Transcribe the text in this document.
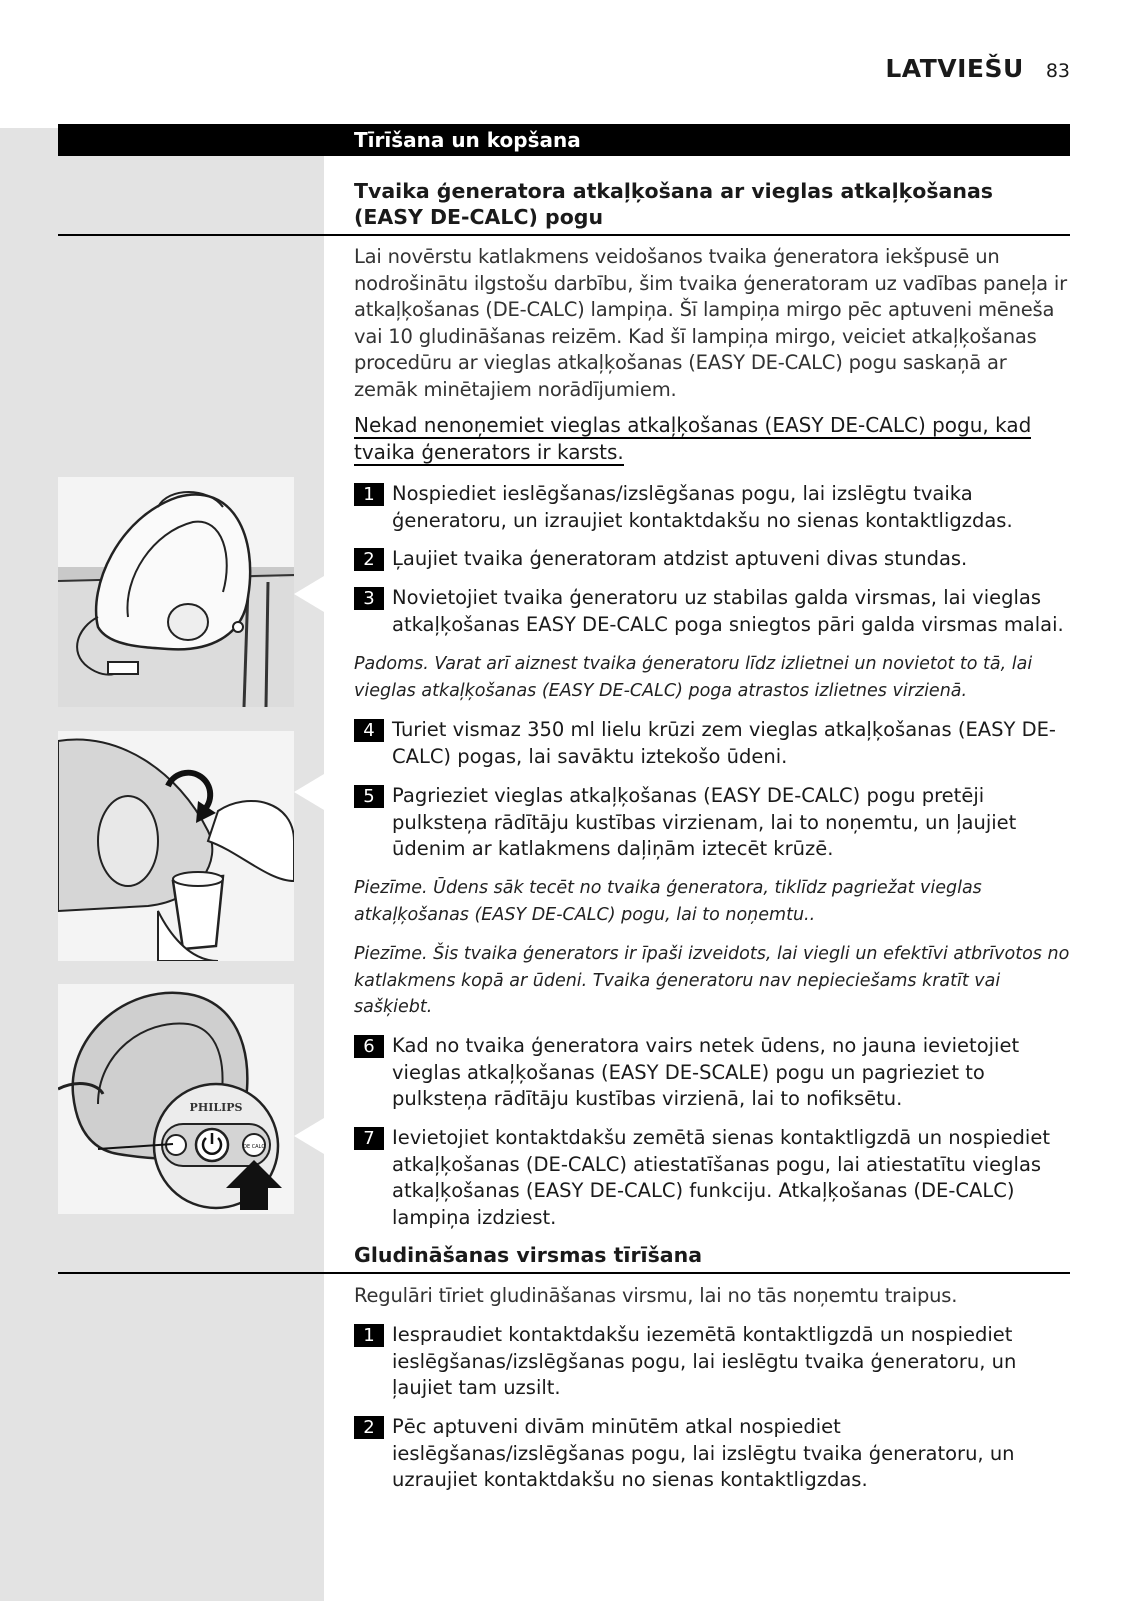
LATVIEŠU 83
Tīrīšana un kopšana
Tvaika ģeneratora atkaļķošana ar vieglas atkaļķošanas (EASY DE-CALC) pogu
Lai novērstu katlakmens veidošanos tvaika ģeneratora iekšpusē un nodrošinātu ilgstošu darbību, šim tvaika ģeneratoram uz vadības paneļa ir atkaļķošanas (DE-CALC) lampiņa. Šī lampiņa mirgo pēc aptuveni mēneša vai 10 gludināšanas reizēm. Kad šī lampiņa mirgo, veiciet atkaļķošanas procedūru ar vieglas atkaļķošanas (EASY DE-CALC) pogu saskaņā ar zemāk minētajiem norādījumiem.
Nekad nenoņemiet vieglas atkaļķošanas (EASY DE-CALC) pogu, kad tvaika ģenerators ir karsts.
PHILIPS
DE CALC
1 Nospiediet ieslēgšanas/izslēgšanas pogu, lai izslēgtu tvaika ģeneratoru, un izraujiet kontaktdakšu no sienas kontaktligzdas.
2 Ļaujiet tvaika ģeneratoram atdzist aptuveni divas stundas.
3 Novietojiet tvaika ģeneratoru uz stabilas galda virsmas, lai vieglas atkaļķošanas EASY DE-CALC poga sniegtos pāri galda virsmas malai.
Padoms. Varat arī aiznest tvaika ģeneratoru līdz izlietnei un novietot to tā, lai vieglas atkaļķošanas (EASY DE-CALC) poga atrastos izlietnes virzienā.
4 Turiet vismaz 350 ml lielu krūzi zem vieglas atkaļķošanas (EASY DE-CALC) pogas, lai savāktu iztekošo ūdeni.
5 Pagrieziet vieglas atkaļķošanas (EASY DE-CALC) pogu pretēji pulksteņa rādītāju kustības virzienam, lai to noņemtu, un ļaujiet ūdenim ar katlakmens daļiņām iztecēt krūzē.
Piezīme. Ūdens sāk tecēt no tvaika ģeneratora, tiklīdz pagriežat vieglas atkaļķošanas (EASY DE-CALC) pogu, lai to noņemtu..
Piezīme. Šis tvaika ģenerators ir īpaši izveidots, lai viegli un efektīvi atbrīvotos no katlakmens kopā ar ūdeni. Tvaika ģeneratoru nav nepieciešams kratīt vai sašķiebt.
6 Kad no tvaika ģeneratora vairs netek ūdens, no jauna ievietojiet vieglas atkaļķošanas (EASY DE-SCALE) pogu un pagrieziet to pulksteņa rādītāju kustības virzienā, lai to nofiksētu.
7 Ievietojiet kontaktdakšu zemētā sienas kontaktligzdā un nospiediet atkaļķošanas (DE-CALC) atiestatīšanas pogu, lai atiestatītu vieglas atkaļķošanas (EASY DE-CALC) funkciju. Atkaļķošanas (DE-CALC) lampiņa izdziest.
Gludināšanas virsmas tīrīšana
Regulāri tīriet gludināšanas virsmu, lai no tās noņemtu traipus.
1 Iespraudiet kontaktdakšu iezemētā kontaktligzdā un nospiediet ieslēgšanas/izslēgšanas pogu, lai ieslēgtu tvaika ģeneratoru, un ļaujiet tam uzsilt.
2 Pēc aptuveni divām minūtēm atkal nospiediet ieslēgšanas/izslēgšanas pogu, lai izslēgtu tvaika ģeneratoru, un uzraujiet kontaktdakšu no sienas kontaktligzdas.
